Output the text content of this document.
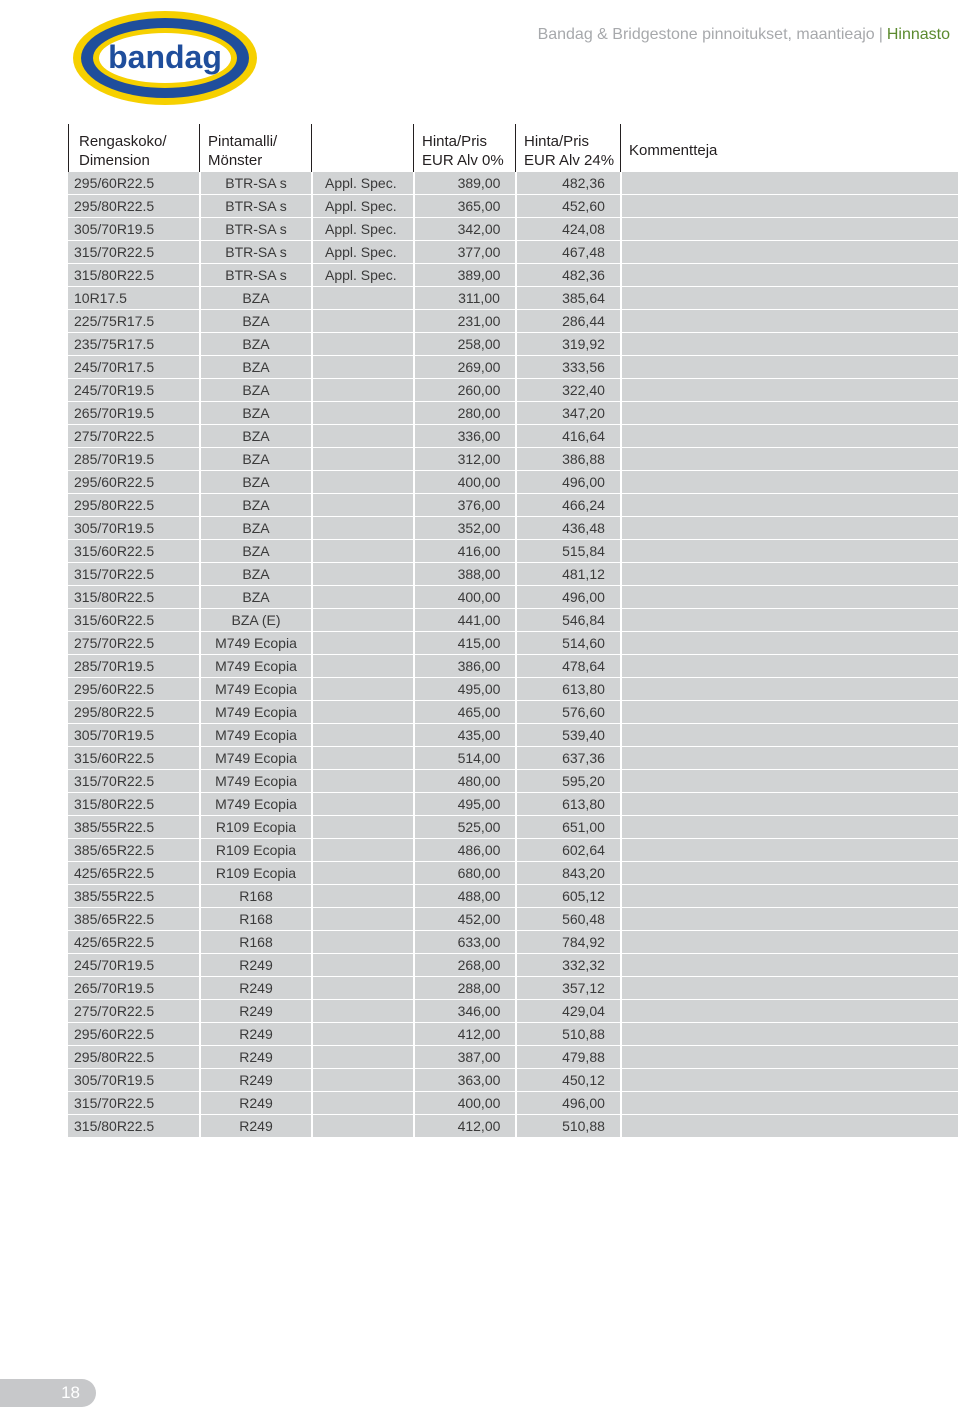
bandag
Bandag & Bridgestone pinnoitukset, maantieajo | Hinnasto
Rengaskoko/
Dimension	Pintamalli/
Mönster		Hinta/Pris
EUR Alv 0%	Hinta/Pris
EUR Alv 24%	Kommentteja
295/60R22.5	BTR-SA s	Appl. Spec.	389,00	482,36	
295/80R22.5	BTR-SA s	Appl. Spec.	365,00	452,60	
305/70R19.5	BTR-SA s	Appl. Spec.	342,00	424,08	
315/70R22.5	BTR-SA s	Appl. Spec.	377,00	467,48	
315/80R22.5	BTR-SA s	Appl. Spec.	389,00	482,36	
10R17.5	BZA		311,00	385,64	
225/75R17.5	BZA		231,00	286,44	
235/75R17.5	BZA		258,00	319,92	
245/70R17.5	BZA		269,00	333,56	
245/70R19.5	BZA		260,00	322,40	
265/70R19.5	BZA		280,00	347,20	
275/70R22.5	BZA		336,00	416,64	
285/70R19.5	BZA		312,00	386,88	
295/60R22.5	BZA		400,00	496,00	
295/80R22.5	BZA		376,00	466,24	
305/70R19.5	BZA		352,00	436,48	
315/60R22.5	BZA		416,00	515,84	
315/70R22.5	BZA		388,00	481,12	
315/80R22.5	BZA		400,00	496,00	
315/60R22.5	BZA (E)		441,00	546,84	
275/70R22.5	M749 Ecopia		415,00	514,60	
285/70R19.5	M749 Ecopia		386,00	478,64	
295/60R22.5	M749 Ecopia		495,00	613,80	
295/80R22.5	M749 Ecopia		465,00	576,60	
305/70R19.5	M749 Ecopia		435,00	539,40	
315/60R22.5	M749 Ecopia		514,00	637,36	
315/70R22.5	M749 Ecopia		480,00	595,20	
315/80R22.5	M749 Ecopia		495,00	613,80	
385/55R22.5	R109 Ecopia		525,00	651,00	
385/65R22.5	R109 Ecopia		486,00	602,64	
425/65R22.5	R109 Ecopia		680,00	843,20	
385/55R22.5	R168		488,00	605,12	
385/65R22.5	R168		452,00	560,48	
425/65R22.5	R168		633,00	784,92	
245/70R19.5	R249		268,00	332,32	
265/70R19.5	R249		288,00	357,12	
275/70R22.5	R249		346,00	429,04	
295/60R22.5	R249		412,00	510,88	
295/80R22.5	R249		387,00	479,88	
305/70R19.5	R249		363,00	450,12	
315/70R22.5	R249		400,00	496,00	
315/80R22.5	R249		412,00	510,88	
18
